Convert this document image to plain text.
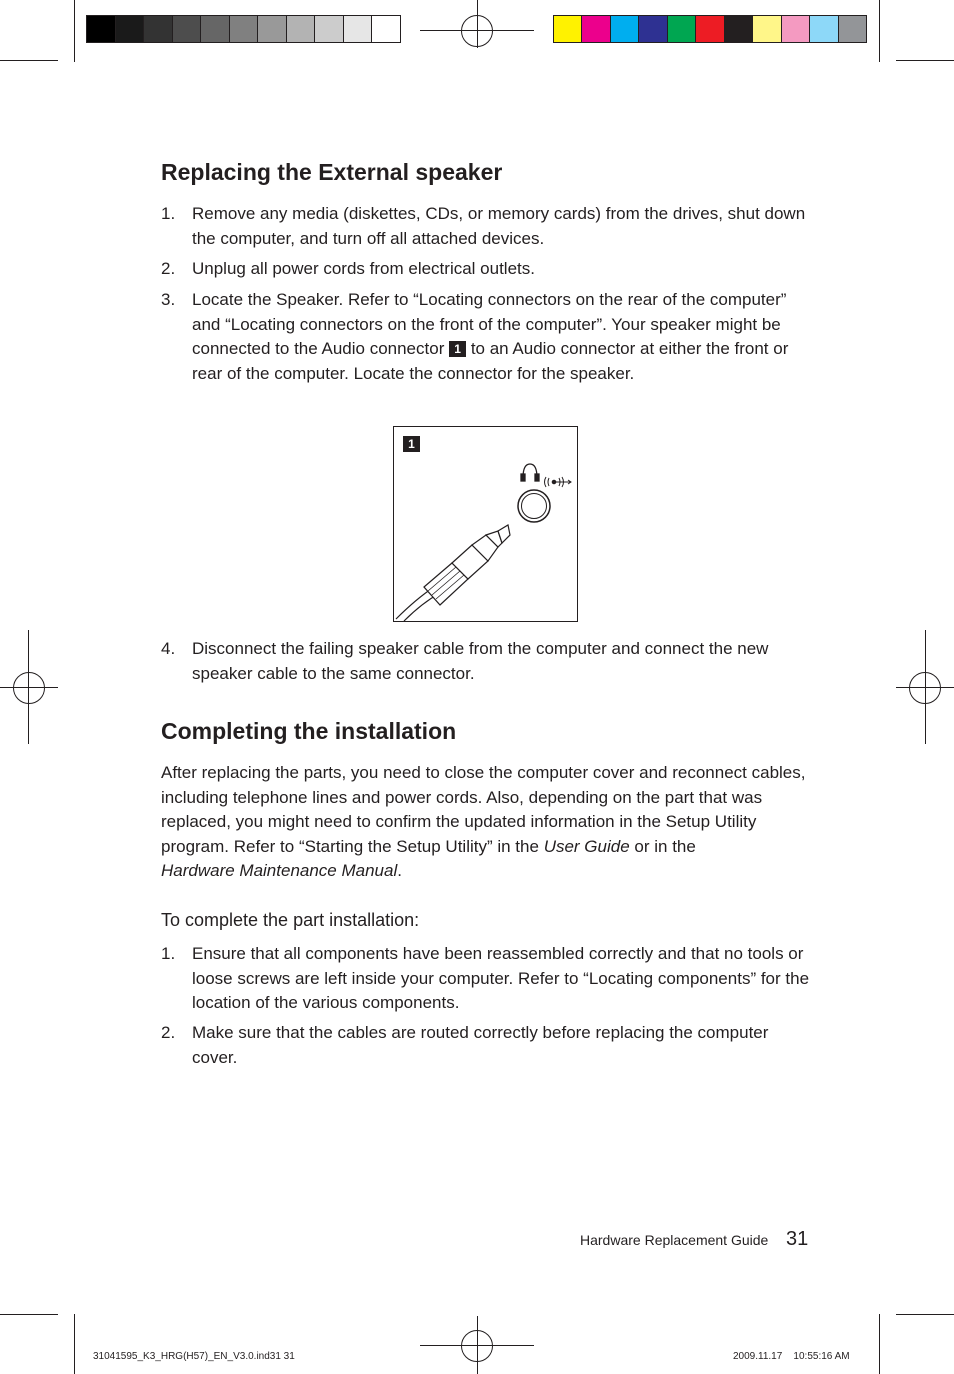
Replacing the External speaker
1. Remove any media (diskettes, CDs, or memory cards) from the drives, shut down the computer, and turn off all attached devices.
2. Unplug all power cords from electrical outlets.
3. Locate the Speaker. Refer to “Locating connectors on the rear of the computer” and “Locating connectors on the front of the computer”. Your speaker might be connected to the Audio connector 1 to an Audio connector at either the front or rear of the computer. Locate the connector for the speaker.
1
4. Disconnect the failing speaker cable from the computer and connect the new speaker cable to the same connector.
Completing the installation

After replacing the parts, you need to close the computer cover and reconnect cables, including telephone lines and power cords. Also, depending on the part that was replaced, you might need to confirm the updated information in the Setup Utility program. Refer to “Starting the Setup Utility” in the User Guide or in the
Hardware Maintenance Manual.

To complete the part installation:
1. Ensure that all components have been reassembled correctly and that no tools or loose screws are left inside your computer. Refer to “Locating components” for the location of the various components.
2. Make sure that the cables are routed correctly before replacing the computer cover.
Hardware Replacement Guide 31
31041595_K3_HRG(H57)_EN_V3.0.ind31 31	2009.11.17    10:55:16 AM
